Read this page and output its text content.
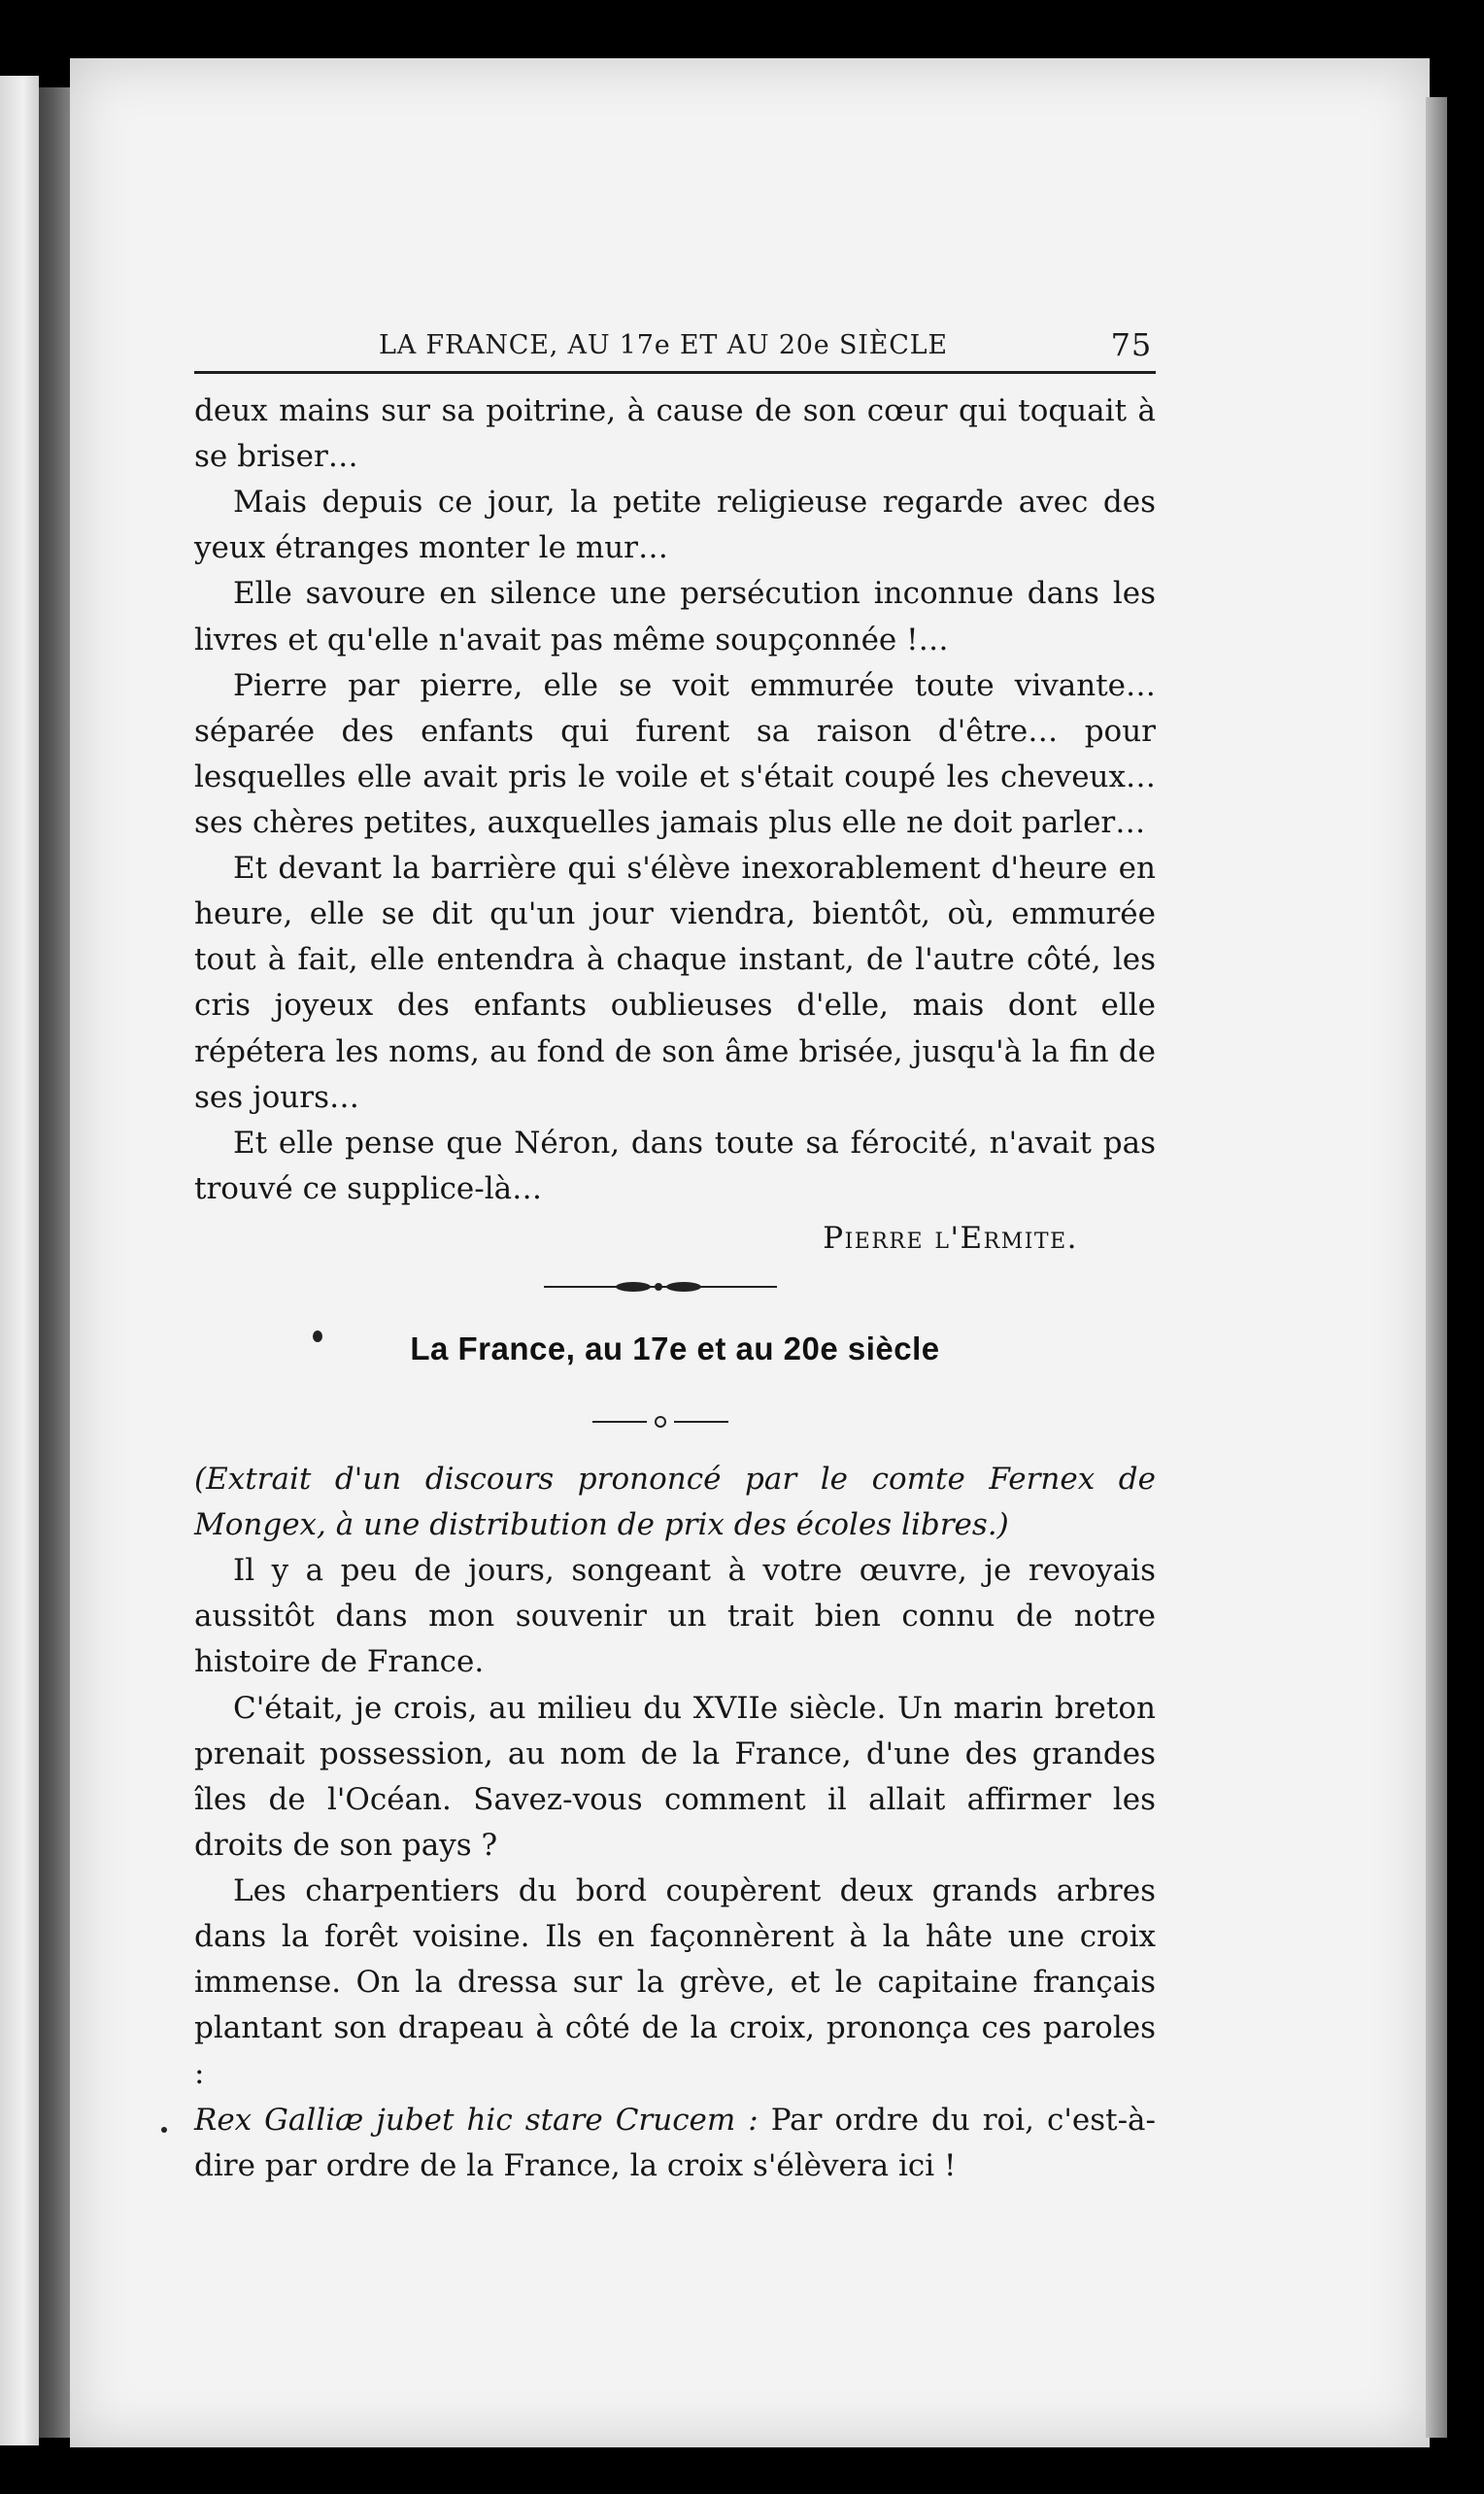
LA FRANCE, AU 17e ET AU 20e SIÈCLE	75

deux mains sur sa poitrine, à cause de son cœur qui toquait à se briser…

Mais depuis ce jour, la petite religieuse regarde avec des yeux étranges monter le mur…

Elle savoure en silence une persécution inconnue dans les livres et qu'elle n'avait pas même soupçonnée !…

Pierre par pierre, elle se voit emmurée toute vivante… séparée des enfants qui furent sa raison d'être… pour lesquelles elle avait pris le voile et s'était coupé les cheveux… ses chères petites, auxquelles jamais plus elle ne doit parler…

Et devant la barrière qui s'élève inexorablement d'heure en heure, elle se dit qu'un jour viendra, bientôt, où, emmurée tout à fait, elle entendra à chaque instant, de l'autre côté, les cris joyeux des enfants oublieuses d'elle, mais dont elle répétera les noms, au fond de son âme brisée, jusqu'à la fin de ses jours…

Et elle pense que Néron, dans toute sa férocité, n'avait pas trouvé ce supplice-là…

Pierre l'Ermite.

La France, au 17e et au 20e siècle

(Extrait d'un discours prononcé par le comte Fernex de Mongex, à une distribution de prix des écoles libres.)

Il y a peu de jours, songeant à votre œuvre, je revoyais aussitôt dans mon souvenir un trait bien connu de notre histoire de France.

C'était, je crois, au milieu du XVIIe siècle. Un marin breton prenait possession, au nom de la France, d'une des grandes îles de l'Océan. Savez-vous comment il allait affirmer les droits de son pays ?

Les charpentiers du bord coupèrent deux grands arbres dans la forêt voisine. Ils en façonnèrent à la hâte une croix immense. On la dressa sur la grève, et le capitaine français plantant son drapeau à côté de la croix, prononça ces paroles :

Rex Galliæ jubet hic stare Crucem : Par ordre du roi, c'est-à-dire par ordre de la France, la croix s'élèvera ici !
